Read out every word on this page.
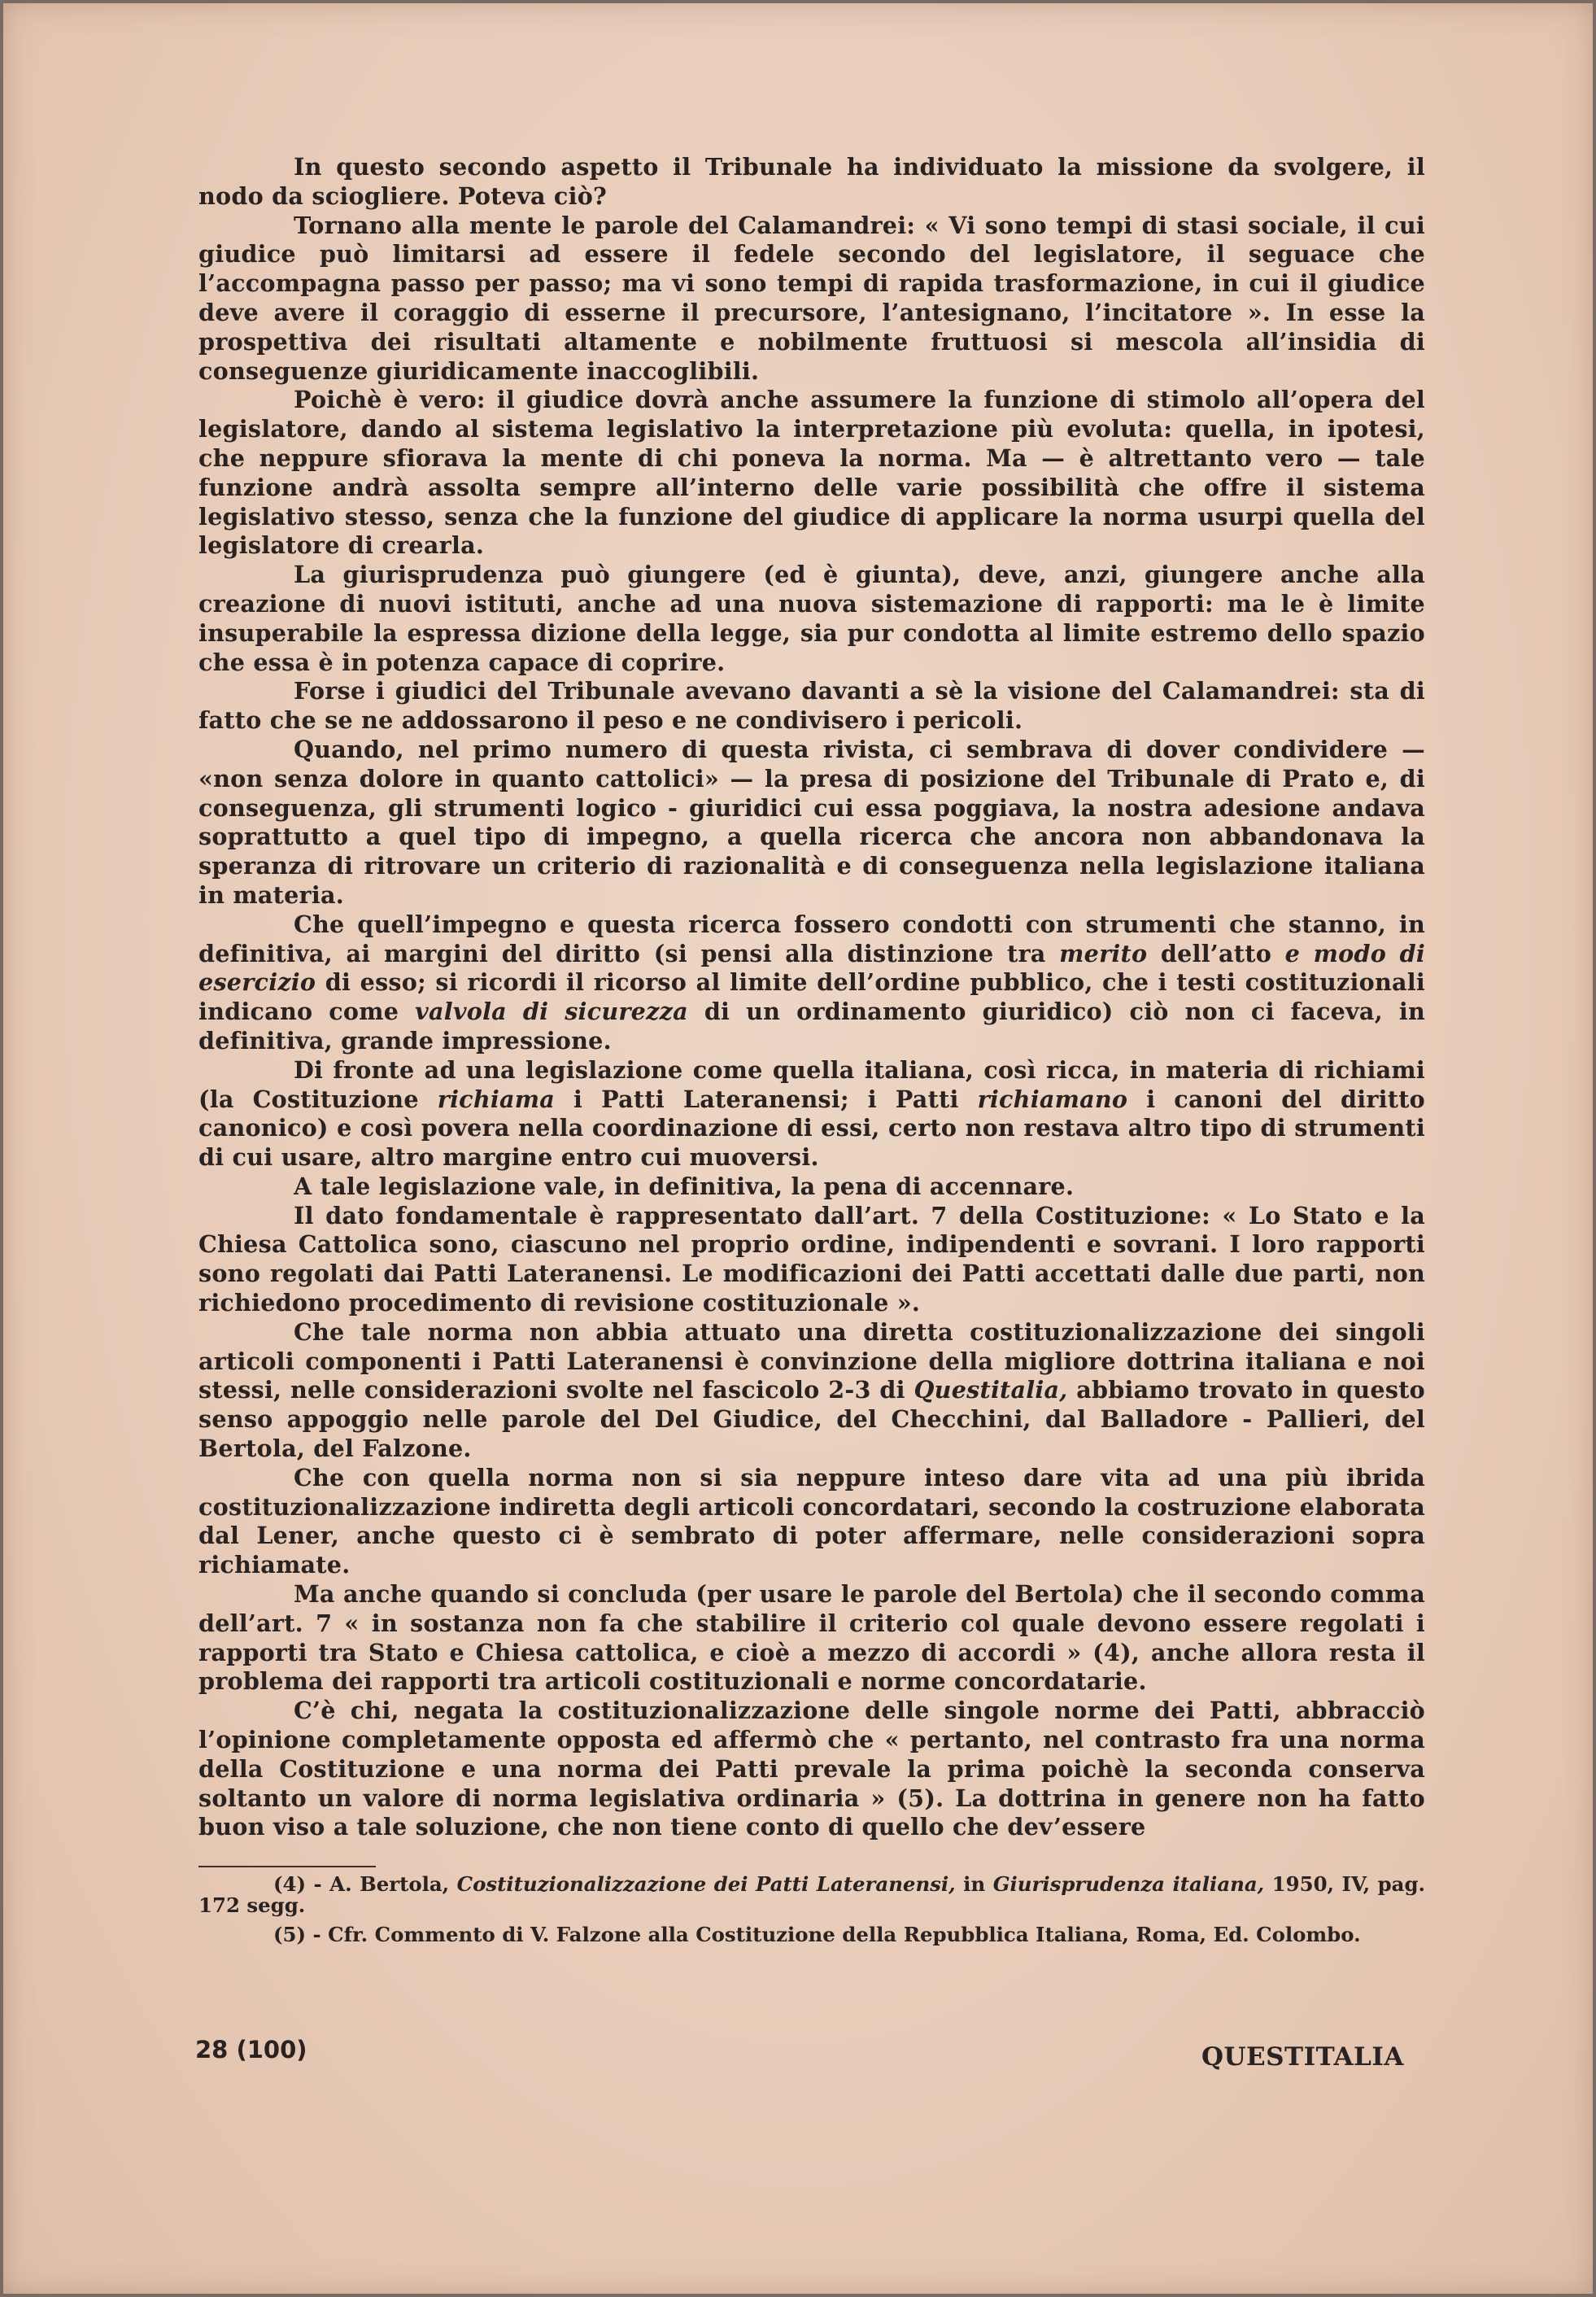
In questo secondo aspetto il Tribunale ha individuato la missione da svolgere, il nodo da sciogliere. Poteva ciò?

Tornano alla mente le parole del Calamandrei: « Vi sono tempi di stasi sociale, il cui giudice può limitarsi ad essere il fedele secondo del legislatore, il seguace che l’accompagna passo per passo; ma vi sono tempi di rapida trasformazione, in cui il giudice deve avere il coraggio di esserne il precursore, l’antesignano, l’incitatore ». In esse la prospettiva dei risultati altamente e nobilmente fruttuosi si mescola all’insidia di conseguenze giuridicamente inaccoglibili.

Poichè è vero: il giudice dovrà anche assumere la funzione di stimolo all’opera del legislatore, dando al sistema legislativo la interpretazione più evoluta: quella, in ipotesi, che neppure sfiorava la mente di chi poneva la norma. Ma — è altrettanto vero — tale funzione andrà assolta sempre all’interno delle varie possibilità che offre il sistema legislativo stesso, senza che la funzione del giudice di applicare la norma usurpi quella del legislatore di crearla.

La giurisprudenza può giungere (ed è giunta), deve, anzi, giungere anche alla creazione di nuovi istituti, anche ad una nuova sistemazione di rapporti: ma le è limite insuperabile la espressa dizione della legge, sia pur condotta al limite estremo dello spazio che essa è in potenza capace di coprire.

Forse i giudici del Tribunale avevano davanti a sè la visione del Calamandrei: sta di fatto che se ne addossarono il peso e ne condivisero i pericoli.

Quando, nel primo numero di questa rivista, ci sembrava di dover condividere — «non senza dolore in quanto cattolici» — la presa di posizione del Tribunale di Prato e, di conseguenza, gli strumenti logico - giuridici cui essa poggiava, la nostra adesione andava soprattutto a quel tipo di impegno, a quella ricerca che ancora non abbandonava la speranza di ritrovare un criterio di razionalità e di conseguenza nella legislazione italiana in materia.

Che quell’impegno e questa ricerca fossero condotti con strumenti che stanno, in definitiva, ai margini del diritto (si pensi alla distinzione tra merito dell’atto e modo di esercizio di esso; si ricordi il ricorso al limite dell’ordine pubblico, che i testi costituzionali indicano come valvola di sicurezza di un ordinamento giuridico) ciò non ci faceva, in definitiva, grande impressione.

Di fronte ad una legislazione come quella italiana, così ricca, in materia di richiami (la Costituzione richiama i Patti Lateranensi; i Patti richiamano i canoni del diritto canonico) e così povera nella coordinazione di essi, certo non restava altro tipo di strumenti di cui usare, altro margine entro cui muoversi.

A tale legislazione vale, in definitiva, la pena di accennare.

Il dato fondamentale è rappresentato dall’art. 7 della Costituzione: « Lo Stato e la Chiesa Cattolica sono, ciascuno nel proprio ordine, indipendenti e sovrani. I loro rapporti sono regolati dai Patti Lateranensi. Le modificazioni dei Patti accettati dalle due parti, non richiedono procedimento di revisione costituzionale ».

Che tale norma non abbia attuato una diretta costituzionalizzazione dei singoli articoli componenti i Patti Lateranensi è convinzione della migliore dottrina italiana e noi stessi, nelle considerazioni svolte nel fascicolo 2-3 di Questitalia, abbiamo trovato in questo senso appoggio nelle parole del Del Giudice, del Checchini, dal Balladore - Pallieri, del Bertola, del Falzone.

Che con quella norma non si sia neppure inteso dare vita ad una più ibrida costituzionalizzazione indiretta degli articoli concordatari, secondo la costruzione elaborata dal Lener, anche questo ci è sembrato di poter affermare, nelle considerazioni sopra richiamate.

Ma anche quando si concluda (per usare le parole del Bertola) che il secondo comma dell’art. 7 « in sostanza non fa che stabilire il criterio col quale devono essere regolati i rapporti tra Stato e Chiesa cattolica, e cioè a mezzo di accordi » (4), anche allora resta il problema dei rapporti tra articoli costituzionali e norme concordatarie.

C’è chi, negata la costituzionalizzazione delle singole norme dei Patti, abbracciò l’opinione completamente opposta ed affermò che « pertanto, nel contrasto fra una norma della Costituzione e una norma dei Patti prevale la prima poichè la seconda conserva soltanto un valore di norma legislativa ordinaria » (5). La dottrina in genere non ha fatto buon viso a tale soluzione, che non tiene conto di quello che dev’essere

(4) - A. Bertola, Costituzionalizzazione dei Patti Lateranensi, in Giurisprudenza italiana, 1950, IV, pag. 172 segg.

(5) - Cfr. Commento di V. Falzone alla Costituzione della Repubblica Italiana, Roma, Ed. Colombo.

28 (100)	QUESTITALIA
